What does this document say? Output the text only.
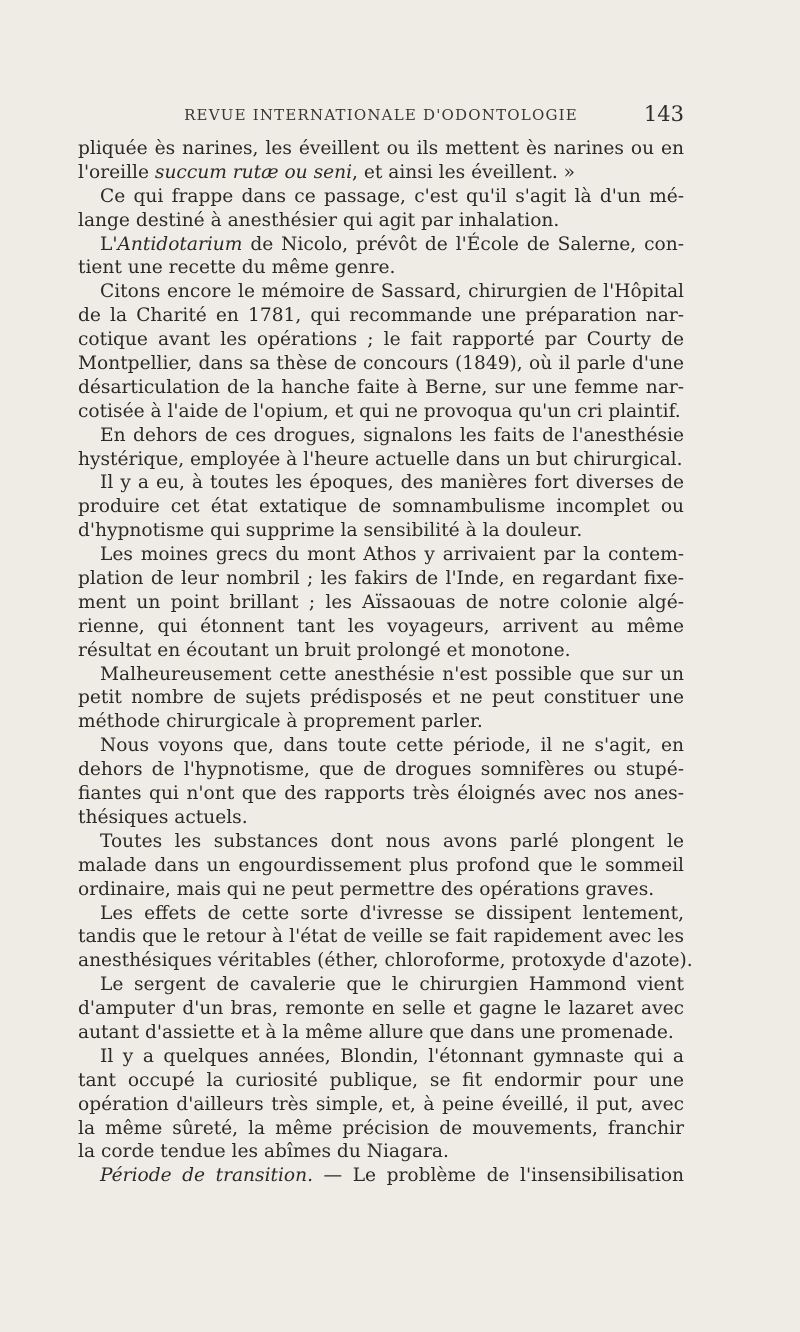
REVUE INTERNATIONALE D'ODONTOLOGIE	143
pliquée ès narines, les éveillent ou ils mettent ès narines ou en
l'oreille succum rutæ ou seni, et ainsi les éveillent. »
Ce qui frappe dans ce passage, c'est qu'il s'agit là d'un mé-
lange destiné à anesthésier qui agit par inhalation.
L'Antidotarium de Nicolo, prévôt de l'École de Salerne, con-
tient une recette du même genre.
Citons encore le mémoire de Sassard, chirurgien de l'Hôpital
de la Charité en 1781, qui recommande une préparation nar-
cotique avant les opérations ; le fait rapporté par Courty de
Montpellier, dans sa thèse de concours (1849), où il parle d'une
désarticulation de la hanche faite à Berne, sur une femme nar-
cotisée à l'aide de l'opium, et qui ne provoqua qu'un cri plaintif.
En dehors de ces drogues, signalons les faits de l'anesthésie
hystérique, employée à l'heure actuelle dans un but chirurgical.
Il y a eu, à toutes les époques, des manières fort diverses de
produire cet état extatique de somnambulisme incomplet ou
d'hypnotisme qui supprime la sensibilité à la douleur.
Les moines grecs du mont Athos y arrivaient par la contem-
plation de leur nombril ; les fakirs de l'Inde, en regardant fixe-
ment un point brillant ; les Aïssaouas de notre colonie algé-
rienne, qui étonnent tant les voyageurs, arrivent au même
résultat en écoutant un bruit prolongé et monotone.
Malheureusement cette anesthésie n'est possible que sur un
petit nombre de sujets prédisposés et ne peut constituer une
méthode chirurgicale à proprement parler.
Nous voyons que, dans toute cette période, il ne s'agit, en
dehors de l'hypnotisme, que de drogues somnifères ou stupé-
fiantes qui n'ont que des rapports très éloignés avec nos anes-
thésiques actuels.
Toutes les substances dont nous avons parlé plongent le
malade dans un engourdissement plus profond que le sommeil
ordinaire, mais qui ne peut permettre des opérations graves.
Les effets de cette sorte d'ivresse se dissipent lentement,
tandis que le retour à l'état de veille se fait rapidement avec les
anesthésiques véritables (éther, chloroforme, protoxyde d'azote).
Le sergent de cavalerie que le chirurgien Hammond vient
d'amputer d'un bras, remonte en selle et gagne le lazaret avec
autant d'assiette et à la même allure que dans une promenade.
Il y a quelques années, Blondin, l'étonnant gymnaste qui a
tant occupé la curiosité publique, se fit endormir pour une
opération d'ailleurs très simple, et, à peine éveillé, il put, avec
la même sûreté, la même précision de mouvements, franchir
la corde tendue les abîmes du Niagara.
Période de transition. — Le problème de l'insensibilisation
